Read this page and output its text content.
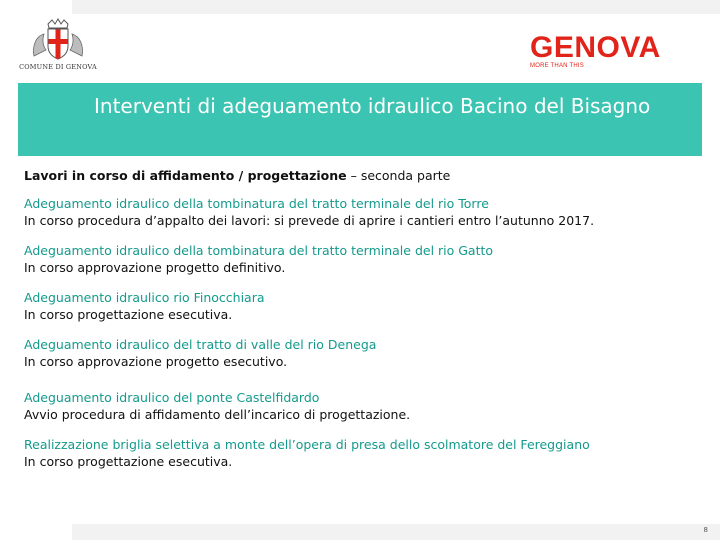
COMUNE DI GENOVA
GENOVA
MORE THAN THIS
Interventi di adeguamento idraulico Bacino del Bisagno

Lavori in corso di affidamento / progettazione – seconda parte

Adeguamento idraulico della tombinatura del tratto terminale del rio Torre
In corso procedura d’appalto dei lavori: si prevede di aprire i cantieri entro l’autunno 2017.
Adeguamento idraulico della tombinatura del tratto terminale del rio Gatto
In corso approvazione progetto definitivo.
Adeguamento idraulico rio Finocchiara
In corso progettazione esecutiva.
Adeguamento idraulico del tratto di valle del rio Denega
In corso approvazione progetto esecutivo.
Adeguamento idraulico del ponte Castelfidardo
Avvio procedura di affidamento dell’incarico di progettazione.
Realizzazione briglia selettiva a monte dell’opera di presa dello scolmatore del Fereggiano
In corso progettazione esecutiva.
8
